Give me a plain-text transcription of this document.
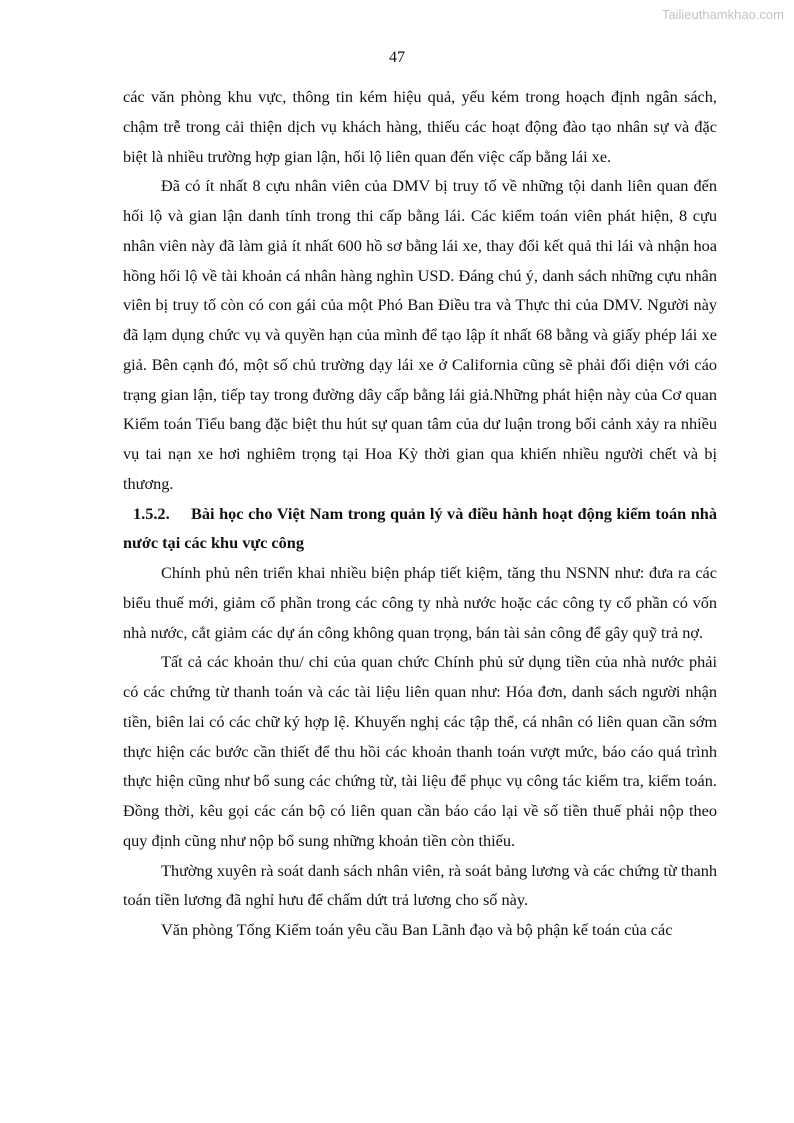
Tailieuthamkhao.com
47

các văn phòng khu vực, thông tin kém hiệu quả, yếu kém trong hoạch định ngân sách, chậm trễ trong cải thiện dịch vụ khách hàng, thiếu các hoạt động đào tạo nhân sự và đặc biệt là nhiều trường hợp gian lận, hối lộ liên quan đến việc cấp bằng lái xe.

Đã có ít nhất 8 cựu nhân viên của DMV bị truy tố về những tội danh liên quan đến hối lộ và gian lận danh tính trong thi cấp bằng lái. Các kiểm toán viên phát hiện, 8 cựu nhân viên này đã làm giả ít nhất 600 hồ sơ bằng lái xe, thay đổi kết quả thi lái và nhận hoa hồng hối lộ về tài khoản cá nhân hàng nghìn USD. Đáng chú ý, danh sách những cựu nhân viên bị truy tố còn có con gái của một Phó Ban Điều tra và Thực thi của DMV. Người này đã lạm dụng chức vụ và quyền hạn của mình để tạo lập ít nhất 68 bằng và giấy phép lái xe giả. Bên cạnh đó, một số chủ trường dạy lái xe ở California cũng sẽ phải đối diện với cáo trạng gian lận, tiếp tay trong đường dây cấp bằng lái giả.Những phát hiện này của Cơ quan Kiểm toán Tiểu bang đặc biệt thu hút sự quan tâm của dư luận trong bối cảnh xảy ra nhiều vụ tai nạn xe hơi nghiêm trọng tại Hoa Kỳ thời gian qua khiến nhiều người chết và bị thương.

1.5.2. Bài học cho Việt Nam trong quản lý và điều hành hoạt động kiểm toán nhà nước tại các khu vực công

Chính phủ nên triển khai nhiều biện pháp tiết kiệm, tăng thu NSNN như: đưa ra các biểu thuế mới, giảm cổ phần trong các công ty nhà nước hoặc các công ty cổ phần có vốn nhà nước, cắt giảm các dự án công không quan trọng, bán tài sản công để gây quỹ trả nợ.

Tất cả các khoản thu/ chi của quan chức Chính phủ sử dụng tiền của nhà nước phải có các chứng từ thanh toán và các tài liệu liên quan như: Hóa đơn, danh sách người nhận tiền, biên lai có các chữ ký hợp lệ. Khuyến nghị các tập thể, cá nhân có liên quan cần sớm thực hiện các bước cần thiết để thu hồi các khoản thanh toán vượt mức, báo cáo quá trình thực hiện cũng như bổ sung các chứng từ, tài liệu để phục vụ công tác kiểm tra, kiểm toán. Đồng thời, kêu gọi các cán bộ có liên quan cần báo cáo lại về số tiền thuế phải nộp theo quy định cũng như nộp bổ sung những khoản tiền còn thiếu.

Thường xuyên rà soát danh sách nhân viên, rà soát bảng lương và các chứng từ thanh toán tiền lương đã nghỉ hưu để chấm dứt trả lương cho số này.

Văn phòng Tổng Kiểm toán yêu cầu Ban Lãnh đạo và bộ phận kế toán của các
